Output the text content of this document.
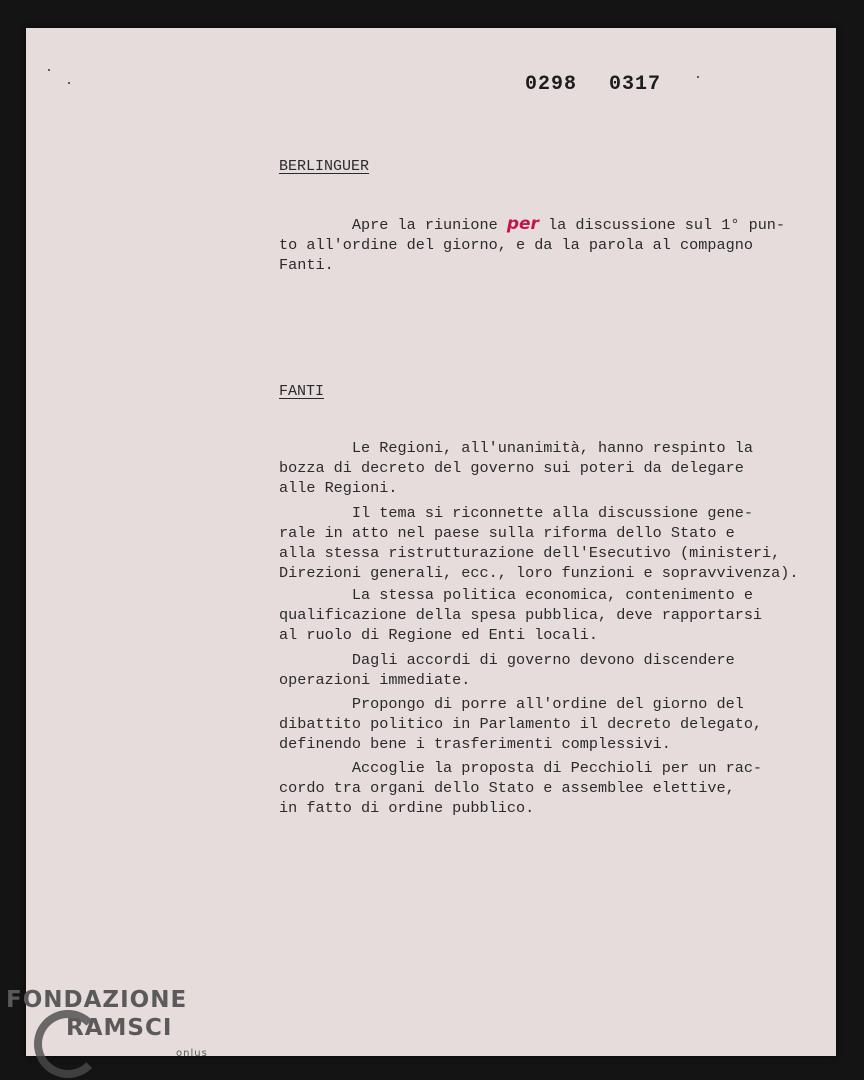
0298 0317
BERLINGUER
Apre la riunione per la discussione sul 1° pun-
to all'ordine del giorno, e da la parola al compagno
Fanti.
FANTI
Le Regioni, all'unanimità, hanno respinto la
bozza di decreto del governo sui poteri da delegare
alle Regioni.
Il tema si riconnette alla discussione gene-
rale in atto nel paese sulla riforma dello Stato e
alla stessa ristrutturazione dell'Esecutivo (ministeri,
Direzioni generali, ecc., loro funzioni e sopravvivenza).
La stessa politica economica, contenimento e
qualificazione della spesa pubblica, deve rapportarsi
al ruolo di Regione ed Enti locali.
Dagli accordi di governo devono discendere
operazioni immediate.
Propongo di porre all'ordine del giorno del
dibattito politico in Parlamento il decreto delegato,
definendo bene i trasferimenti complessivi.
Accoglie la proposta di Pecchioli per un rac-
cordo tra organi dello Stato e assemblee elettive,
in fatto di ordine pubblico.
FONDAZIONE
RAMSCI
onlus
